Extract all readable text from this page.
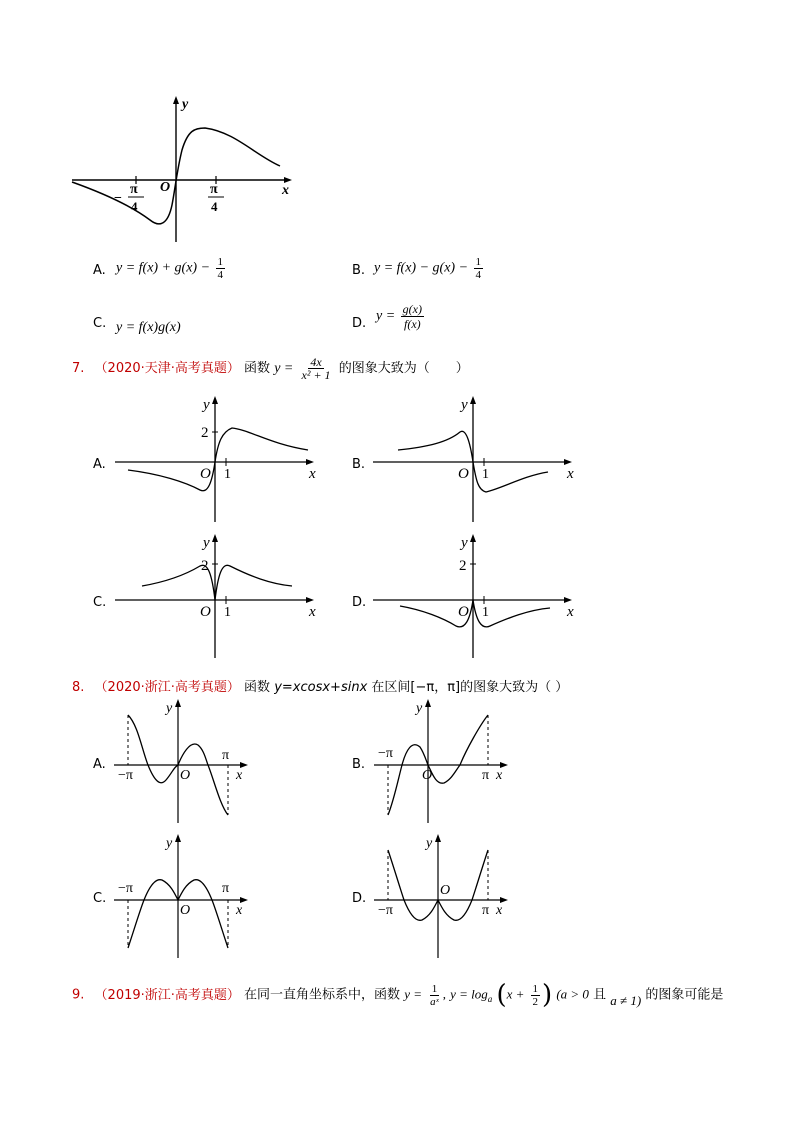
y
x
O
−
π
4
π
4
A. $y = f(x) + g(x) - \frac{1}{4}$	B. $y = f(x) - g(x) - \frac{1}{4}$
C. y = f(x)g(x)	D. $y = \frac{g(x)}{f(x)}$
7. （2020·天津·高考真题） 函数 $y = \frac{4x}{\text{x² + 1}}$ 的图象大致为（　　）
A.
y
2
O 1	x
B.
y
O 1	x
C.
y
2
O 1	x
D.
y
2
O 1	x
8. （2020·浙江·高考真题） 函数 y=xcosx+sinx 在区间[−π，π]的图象大致为（ ）
A.
y
−π	O
π
x
B.
y
−π
O	π x
C.
y
−π
O
π
x
D.
y
−π
O
π x
9. （2019·浙江·高考真题） 在同一直角坐标系中，函数 $y = \frac{1}{\text{aˣ}}$ , $y = \log_a (x + \frac{1}{2}$ ) (a > 0 且 a ≠ 1) 的图象可能是
